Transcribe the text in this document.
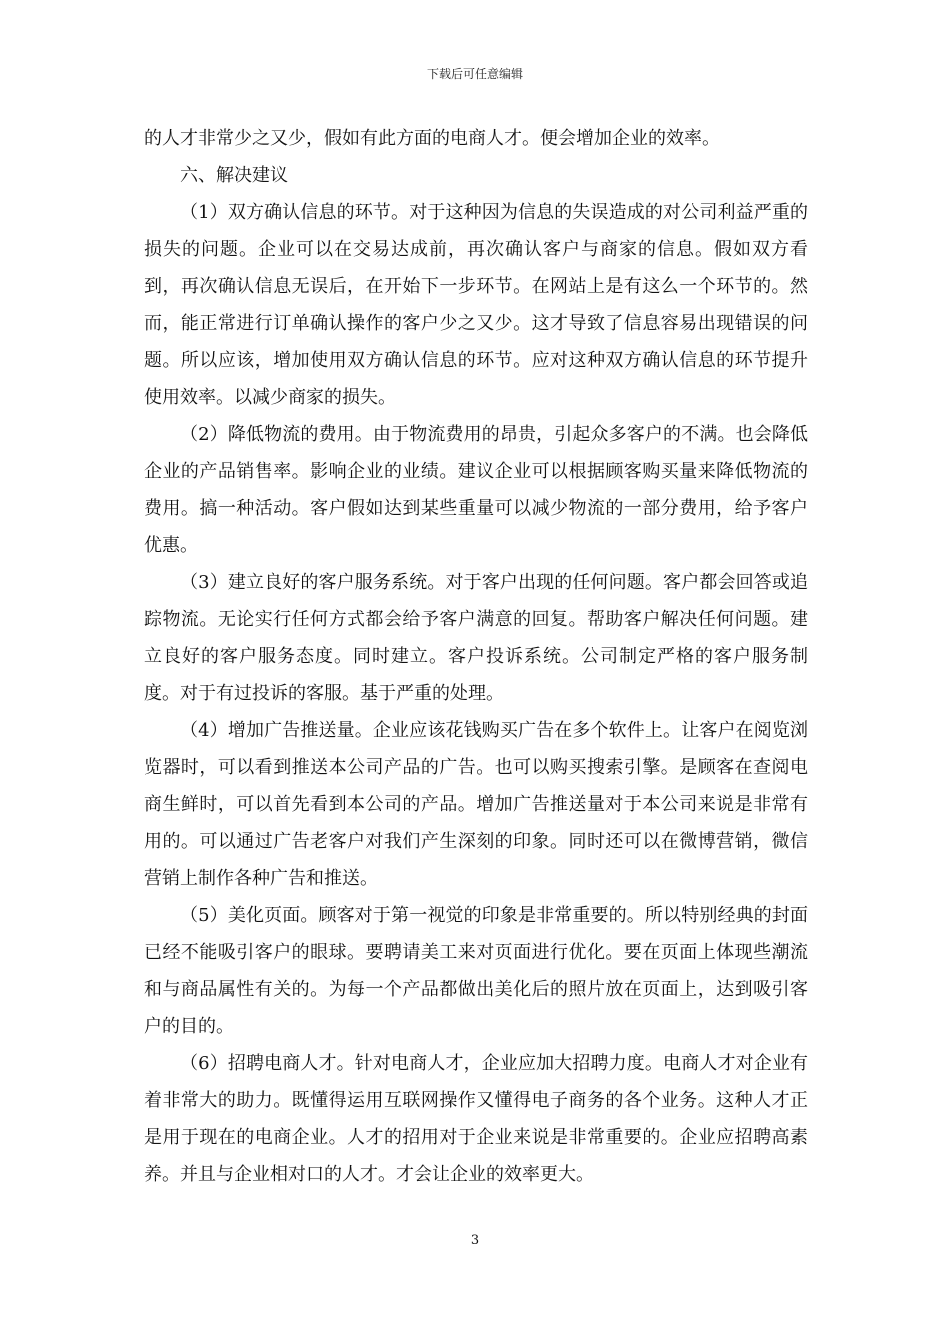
下载后可任意编辑

的人才非常少之又少，假如有此方面的电商人才。便会增加企业的效率。

六、解决建议

（1）双方确认信息的环节。对于这种因为信息的失误造成的对公司利益严重的损失的问题。企业可以在交易达成前，再次确认客户与商家的信息。假如双方看到，再次确认信息无误后，在开始下一步环节。在网站上是有这么一个环节的。然而，能正常进行订单确认操作的客户少之又少。这才导致了信息容易出现错误的问题。所以应该，增加使用双方确认信息的环节。应对这种双方确认信息的环节提升使用效率。以减少商家的损失。

（2）降低物流的费用。由于物流费用的昂贵，引起众多客户的不满。也会降低企业的产品销售率。影响企业的业绩。建议企业可以根据顾客购买量来降低物流的费用。搞一种活动。客户假如达到某些重量可以减少物流的一部分费用，给予客户优惠。

（3）建立良好的客户服务系统。对于客户出现的任何问题。客户都会回答或追踪物流。无论实行任何方式都会给予客户满意的回复。帮助客户解决任何问题。建立良好的客户服务态度。同时建立。客户投诉系统。公司制定严格的客户服务制度。对于有过投诉的客服。基于严重的处理。

（4）增加广告推送量。企业应该花钱购买广告在多个软件上。让客户在阅览浏览器时，可以看到推送本公司产品的广告。也可以购买搜索引擎。是顾客在查阅电商生鲜时，可以首先看到本公司的产品。增加广告推送量对于本公司来说是非常有用的。可以通过广告老客户对我们产生深刻的印象。同时还可以在微博营销，微信营销上制作各种广告和推送。

（5）美化页面。顾客对于第一视觉的印象是非常重要的。所以特别经典的封面已经不能吸引客户的眼球。要聘请美工来对页面进行优化。要在页面上体现些潮流和与商品属性有关的。为每一个产品都做出美化后的照片放在页面上，达到吸引客户的目的。

（6）招聘电商人才。针对电商人才，企业应加大招聘力度。电商人才对企业有着非常大的助力。既懂得运用互联网操作又懂得电子商务的各个业务。这种人才正是用于现在的电商企业。人才的招用对于企业来说是非常重要的。企业应招聘高素养。并且与企业相对口的人才。才会让企业的效率更大。

3
